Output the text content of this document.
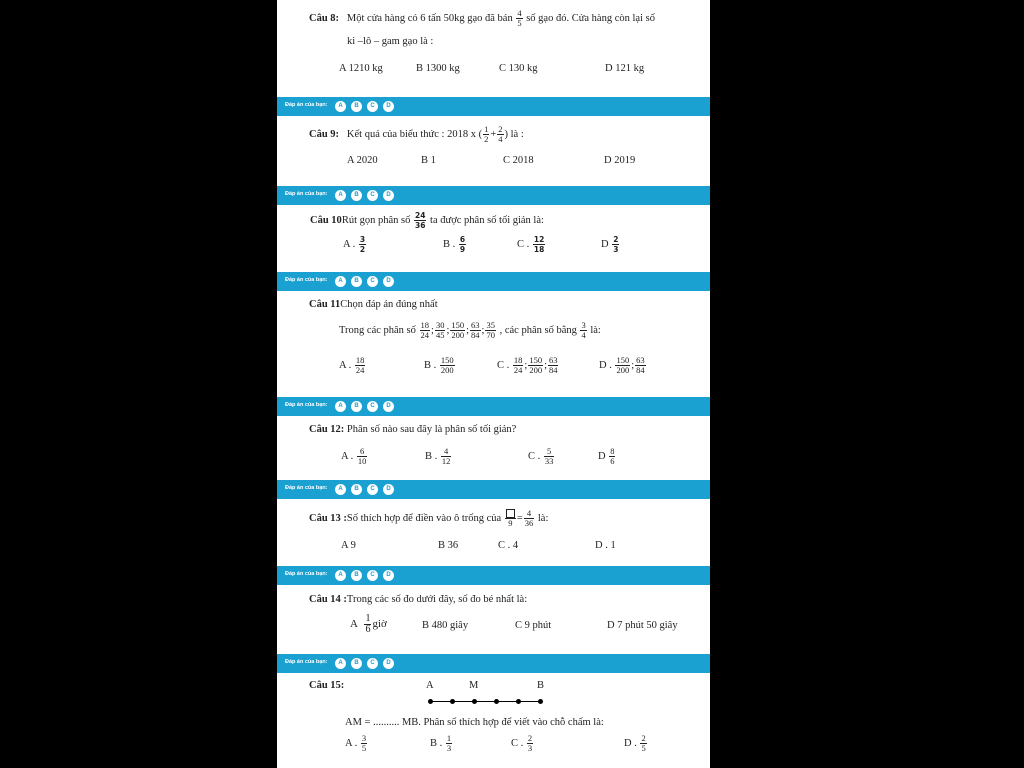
Câu 8: Một cửa hàng có 6 tấn 50kg gạo đã bán $\frac{4}{5}$ số gạo đó. Cửa hàng còn lại số
ki –lô – gam gạo là :
A 1210 kg	B 1300 kg	C 130 kg	D 121 kg
Đáp án của bạn:	A	B	C	D
Câu 9: Kết quả của biểu thức : 2018 x ( $\frac{1}{2} + \frac{2}{4}$ ) là :
A 2020	B 1	C 2018	D 2019
Đáp án của bạn:	A	B	C	D
Câu 10Rút gọn phân số $\frac{24}{36}$ ta được phân số tối giản là:
A . $\frac{3}{2}$	B . $\frac{6}{9}$	C . $\frac{12}{18}$	D $\frac{2}{3}$
Đáp án của bạn:	A	B	C	D
Câu 11Chọn đáp án đúng nhất
Trong các phân số $\frac{18}{24}$ ; $\frac{30}{45}$ ; $\frac{150}{200}$ ; $\frac{63}{84}$ ; $\frac{35}{70}$ , các phân số bằng $\frac{3}{4}$ là:
A . $\frac{18}{24}$	B . $\frac{150}{200}$	C . $\frac{18}{24}$ ; $\frac{150}{200}$ ; $\frac{63}{84}$	D . $\frac{150}{200}$ ; $\frac{63}{84}$
Đáp án của bạn:	A	B	C	D
Câu 12: Phân số nào sau đây là phân số tối giản?
A . $\frac{6}{10}$	B . $\frac{4}{12}$	C . $\frac{5}{33}$	D $\frac{8}{6}$
Đáp án của bạn:	A	B	C	D
Câu 13 :Số thích hợp để điền vào ô trống của $9 = \frac{4}{36}$ là:
A 9	B 36	C . 4	D . 1
Đáp án của bạn:	A	B	C	D
Câu 14 :Trong các số đo dưới đây, số đo bé nhất là:
A $\frac{1}{6}$ giờ	B 480 giây	C 9 phút	D 7 phút 50 giây
Đáp án của bạn:	A	B	C	D
Câu 15:	A	M	B
AM = .......... MB. Phân số thích hợp để viết vào chỗ chấm là:
A . $\frac{3}{5}$	B . $\frac{1}{3}$	C . $\frac{2}{3}$	D . $\frac{2}{5}$
